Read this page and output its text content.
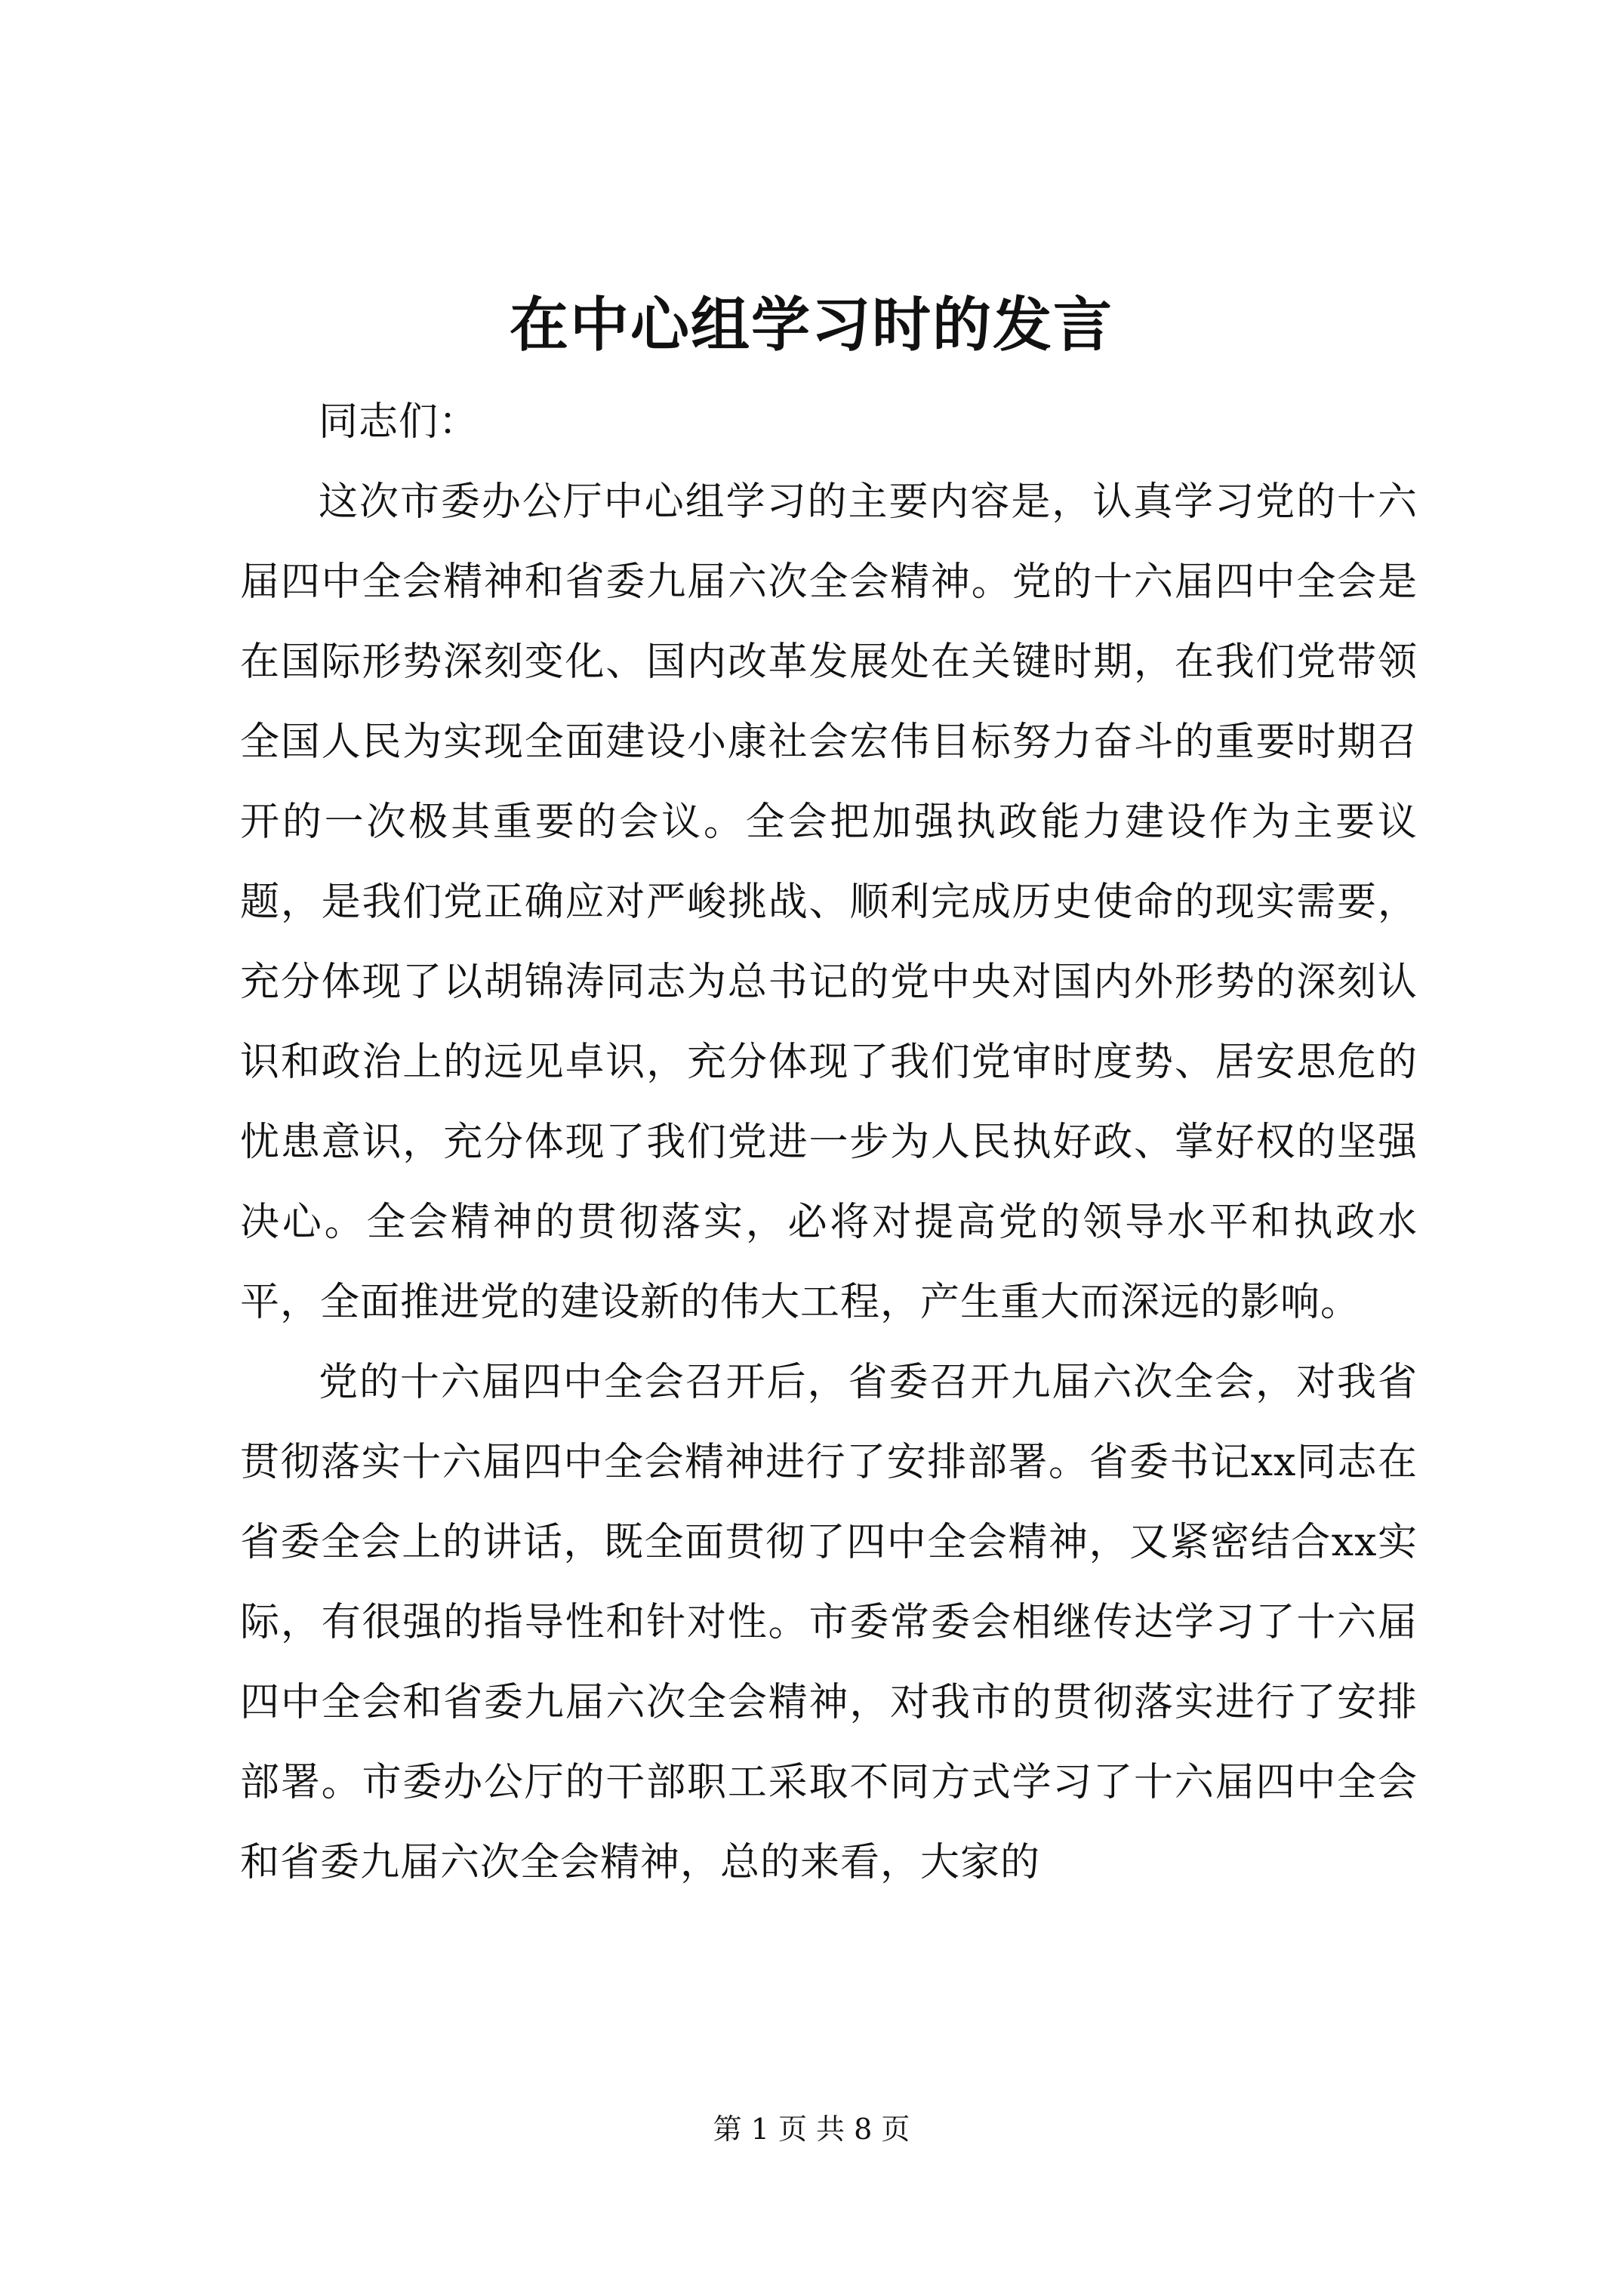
在中心组学习时的发言

同志们：

这次市委办公厅中心组学习的主要内容是，认真学习党的十六届四中全会精神和省委九届六次全会精神。党的十六届四中全会是在国际形势深刻变化、国内改革发展处在关键时期，在我们党带领全国人民为实现全面建设小康社会宏伟目标努力奋斗的重要时期召开的一次极其重要的会议。全会把加强执政能力建设作为主要议题，是我们党正确应对严峻挑战、顺利完成历史使命的现实需要，充分体现了以胡锦涛同志为总书记的党中央对国内外形势的深刻认识和政治上的远见卓识，充分体现了我们党审时度势、居安思危的忧患意识，充分体现了我们党进一步为人民执好政、掌好权的坚强决心。全会精神的贯彻落实，必将对提高党的领导水平和执政水平，全面推进党的建设新的伟大工程，产生重大而深远的影响。

党的十六届四中全会召开后，省委召开九届六次全会，对我省贯彻落实十六届四中全会精神进行了安排部署。省委书记xx同志在省委全会上的讲话，既全面贯彻了四中全会精神，又紧密结合xx实际，有很强的指导性和针对性。市委常委会相继传达学习了十六届四中全会和省委九届六次全会精神，对我市的贯彻落实进行了安排部署。市委办公厅的干部职工采取不同方式学习了十六届四中全会和省委九届六次全会精神，总的来看，大家的

第 1 页 共 8 页
